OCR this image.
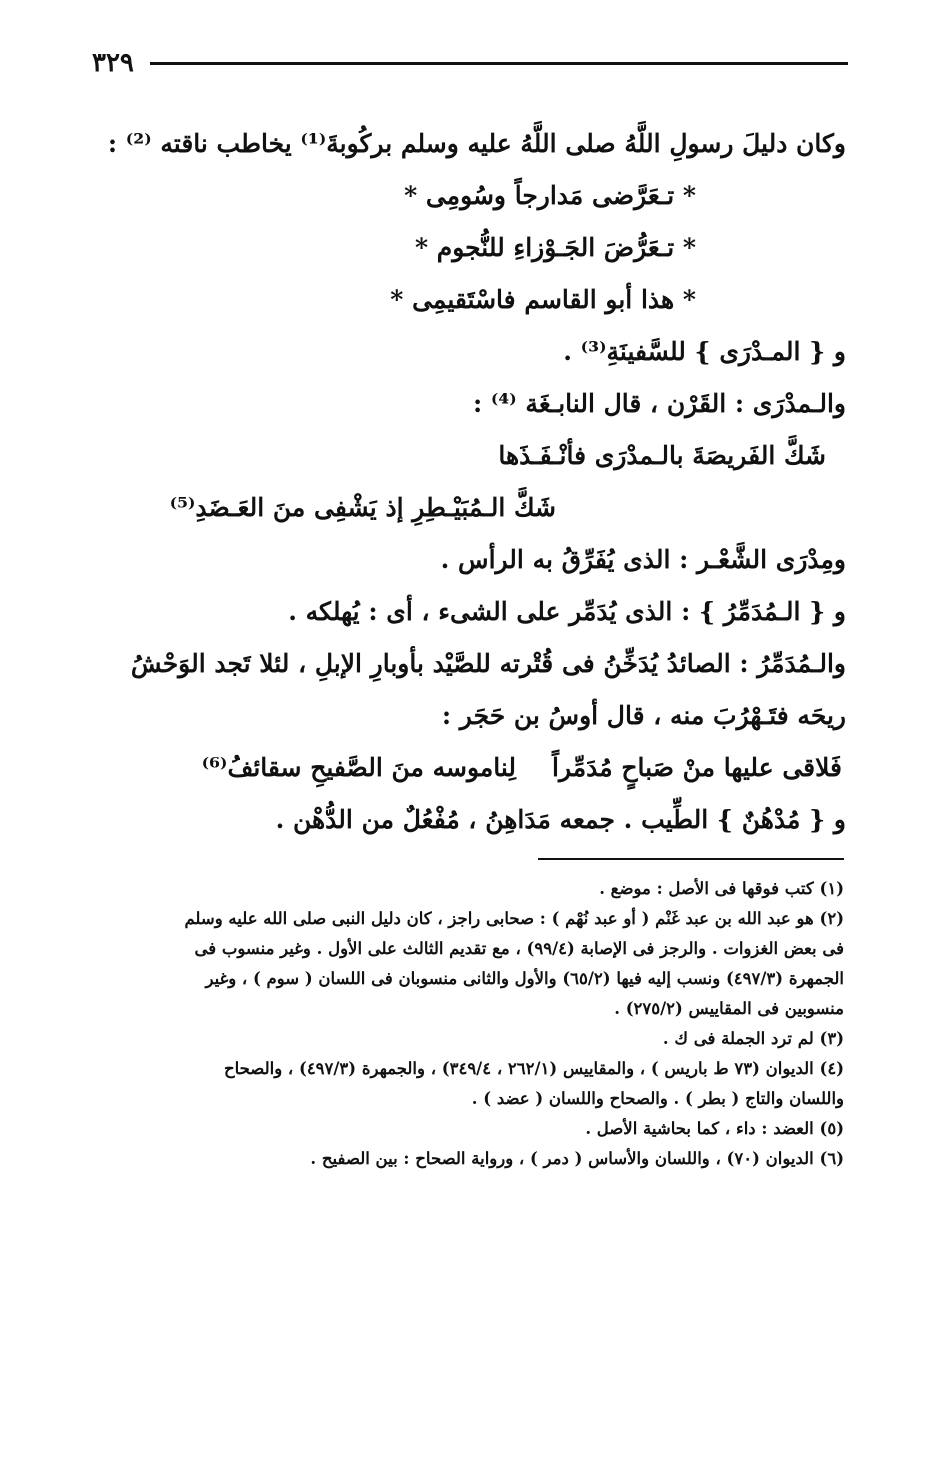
٣٢٩
وكان دليلَ رسولِ اللَّهُ صلى اللَّهُ عليه وسلم بركُوبةَ⁽¹⁾ يخاطب ناقته ⁽²⁾ :
* تـعَرَّضى مَدارجاً وسُومِى *
* تـعَرُّضَ الجَـوْزاءِ للنُّجوم *
* هذا أبو القاسم فاسْتَقيمِى *
و { المـدْرَى } للسَّفينَةِ⁽³⁾ .
والـمدْرَى : القَرْن ، قال النابـغَة ⁽⁴⁾ :
شَكَّ الفَريصَةَ بالـمدْرَى فأنْـفَـذَها
شَكَّ الـمُبَيْـطِرِ إذ يَشْفِى منَ العَـضَدِ⁽⁵⁾
ومِدْرَى الشَّعْـر : الذى يُفَرِّقُ به الرأس .
و { الـمُدَمِّرُ } : الذى يُدَمِّر على الشىء ، أى : يُهلكه .
والـمُدَمِّرُ : الصائدُ يُدَخِّنُ فى قُتْرته للصَّيْد بأوبارِ الإبلِ ، لئلا تَجد الوَحْشُ
ريحَه فتَـهْرُبَ منه ، قال أوسُ بن حَجَر :
فَلاقى عليها منْ صَباحٍ مُدَمِّراً
لِناموسه منَ الصَّفيحِ سقائفُ⁽⁶⁾
و { مُدْهُنٌ } الطِّيب . جمعه مَدَاهِنُ ، مُفْعُلٌ من الدُّهْن .
(١) كتب فوقها فى الأصل : موضع .
(٢) هو عبد الله بن عبد غَنْم ( أو عبد نُهْم ) : صحابى راجز ، كان دليل النبى صلى الله عليه وسلم
فى بعض الغزوات . والرجز فى الإصابة (٩٩/٤) ، مع تقديم الثالث على الأول . وغير منسوب فى
الجمهرة (٤٩٧/٣) ونسب إليه فيها (٦٥/٢) والأول والثانى منسوبان فى اللسان ( سوم ) ، وغير
منسوبين فى المقاييس (٢٧٥/٢) .
(٣) لم ترد الجملة فى ك .
(٤) الديوان (٧٣ ط باريس ) ، والمقاييس (٢٦٢/١ ، ٣٤٩/٤) ، والجمهرة (٤٩٧/٣) ، والصحاح
واللسان والتاج ( بطر ) . والصحاح واللسان ( عضد ) .
(٥) العضد : داء ، كما بحاشية الأصل .
(٦) الديوان (٧٠) ، واللسان والأساس ( دمر ) ، ورواية الصحاح : بين الصفيح .
